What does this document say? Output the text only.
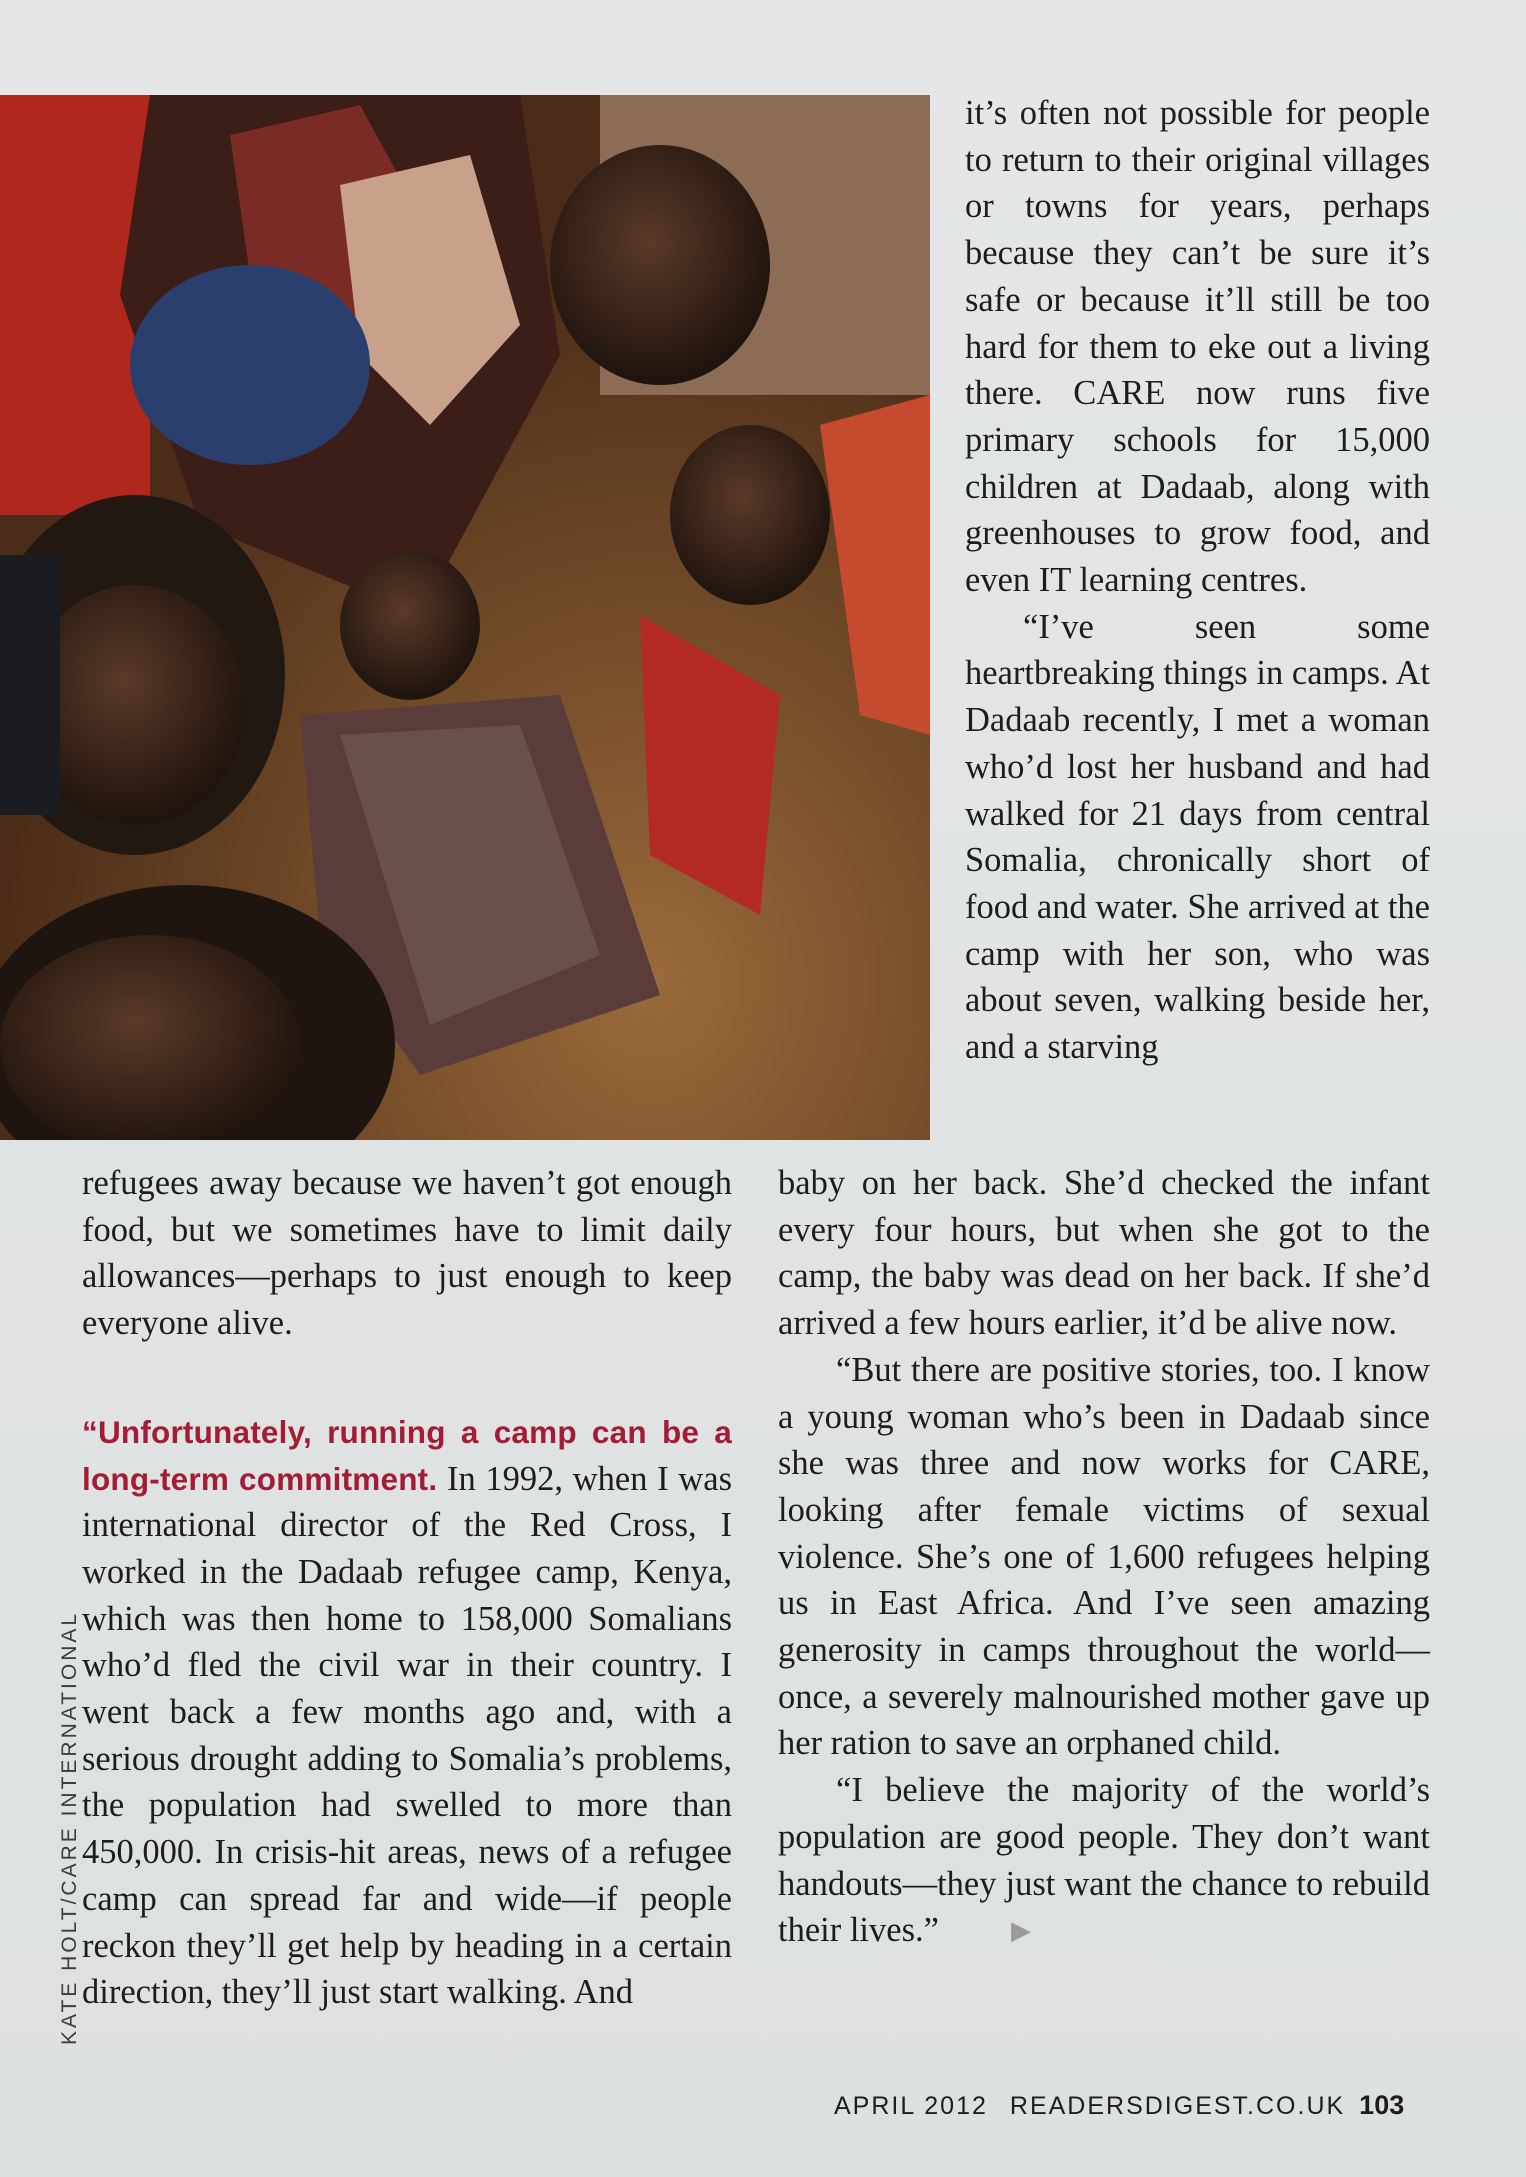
it’s often not possible for people to return to their original villages or towns for years, perhaps because they can’t be sure it’s safe or because it’ll still be too hard for them to eke out a living there. CARE now runs five primary schools for 15,000 children at Dadaab, along with greenhouses to grow food, and even IT learning centres.

“I’ve seen some heartbreaking things in camps. At Dadaab recently, I met a woman who’d lost her husband and had walked for 21 days from central Somalia, chronically short of food and water. She arrived at the camp with her son, who was about seven, walking beside her, and a starving

refugees away because we haven’t got enough food, but we sometimes have to limit daily allowances—perhaps to just enough to keep everyone alive.

“Unfortunately, running a camp can be a long-term commitment. In 1992, when I was international director of the Red Cross, I worked in the Dadaab refugee camp, Kenya, which was then home to 158,000 Somalians who’d fled the civil war in their country. I went back a few months ago and, with a serious drought adding to Somalia’s problems, the population had swelled to more than 450,000. In crisis-hit areas, news of a refugee camp can spread far and wide—if people reckon they’ll get help by heading in a certain direction, they’ll just start walking. And

baby on her back. She’d checked the infant every four hours, but when she got to the camp, the baby was dead on her back. If she’d arrived a few hours earlier, it’d be alive now.

“But there are positive stories, too. I know a young woman who’s been in Dadaab since she was three and now works for CARE, looking after female victims of sexual violence. She’s one of 1,600 refugees helping us in East Africa. And I’ve seen amazing generosity in camps throughout the world—once, a severely malnourished mother gave up her ration to save an orphaned child.

“I believe the majority of the world’s population are good people. They don’t want handouts—they just want the chance to rebuild their lives.”	▶

KATE HOLT/CARE INTERNATIONAL
APRIL 2012 READERSDIGEST.CO.UK 103
